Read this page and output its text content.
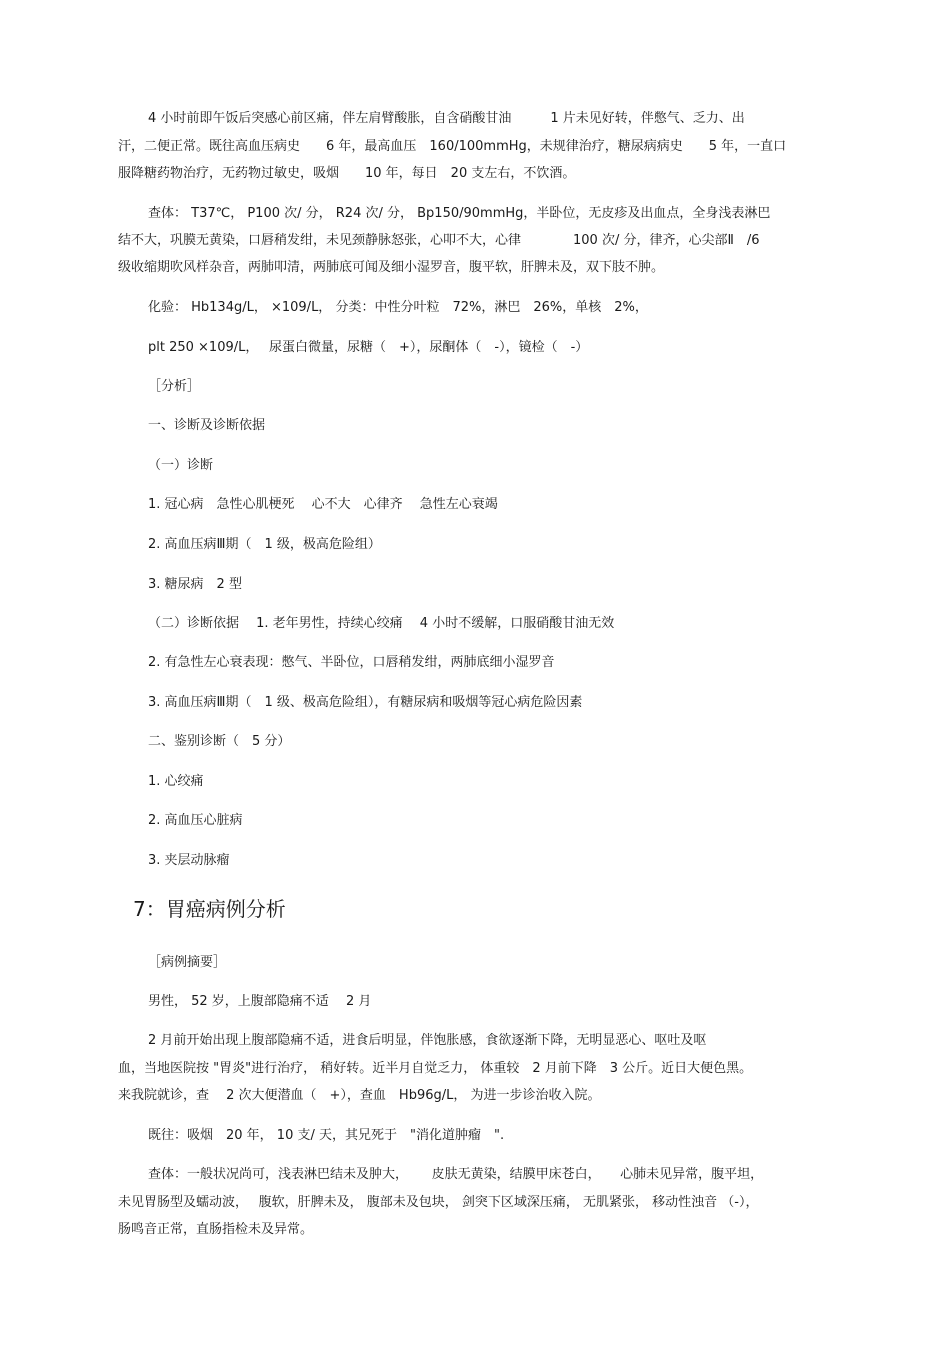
4 小时前即午饭后突感心前区痛，伴左肩臂酸胀，自含硝酸甘油　　　1 片未见好转，伴憋气、乏力、出
汗，二便正常。既往高血压病史　　6 年，最高血压　160/100mmHg，未规律治疗，糖尿病病史　　5 年，一直口
服降糖药物治疗，无药物过敏史，吸烟　　10 年，每日　20 支左右，不饮酒。
查体： T37℃， P100 次/ 分， R24 次/ 分， Bp150/90mmHg，半卧位，无皮疹及出血点，全身浅表淋巴
结不大，巩膜无黄染，口唇稍发绀，未见颈静脉怒张，心叩不大，心律　　　　100 次/ 分，律齐，心尖部Ⅱ　/6
级收缩期吹风样杂音，两肺叩清，两肺底可闻及细小湿罗音，腹平软，肝脾未及，双下肢不肿。
化验： Hb134g/L， ×109/L， 分类：中性分叶粒　72%，淋巴　26%，单核　2%，
plt 250 ×109/L，　 尿蛋白微量，尿糖（　+），尿酮体（　-），镜检（　-）
［分析］
一、诊断及诊断依据
（一）诊断
1. 冠心病　急性心肌梗死　 心不大　心律齐　 急性左心衰竭
2. 高血压病Ⅲ期（　1 级，极高危险组）
3. 糖尿病　2 型
（二）诊断依据　 1. 老年男性，持续心绞痛　 4 小时不缓解，口服硝酸甘油无效
2. 有急性左心衰表现：憋气、半卧位，口唇稍发绀，两肺底细小湿罗音
3. 高血压病Ⅲ期（　1 级、极高危险组），有糖尿病和吸烟等冠心病危险因素
二、鉴别诊断（　5 分）
1. 心绞痛
2. 高血压心脏病
3. 夹层动脉瘤
7：胃癌病例分析
［病例摘要］
男性， 52 岁，上腹部隐痛不适　 2 月
2 月前开始出现上腹部隐痛不适，进食后明显，伴饱胀感，食欲逐渐下降，无明显恶心、呕吐及呕
血，当地医院按 "胃炎"进行治疗， 稍好转。近半月自觉乏力， 体重较　2 月前下降　3 公斤。近日大便色黑。
来我院就诊，查　 2 次大便潜血（　+），查血　Hb96g/L， 为进一步诊治收入院。
既往：吸烟　20 年， 10 支/ 天，其兄死于　"消化道肿瘤　".
查体：一般状况尚可，浅表淋巴结未及肿大，　　 皮肤无黄染，结膜甲床苍白，　　心肺未见异常，腹平坦，
未见胃肠型及蠕动波，　 腹软，肝脾未及， 腹部未及包块， 剑突下区域深压痛， 无肌紧张， 移动性浊音 （-），
肠鸣音正常，直肠指检未及异常。
